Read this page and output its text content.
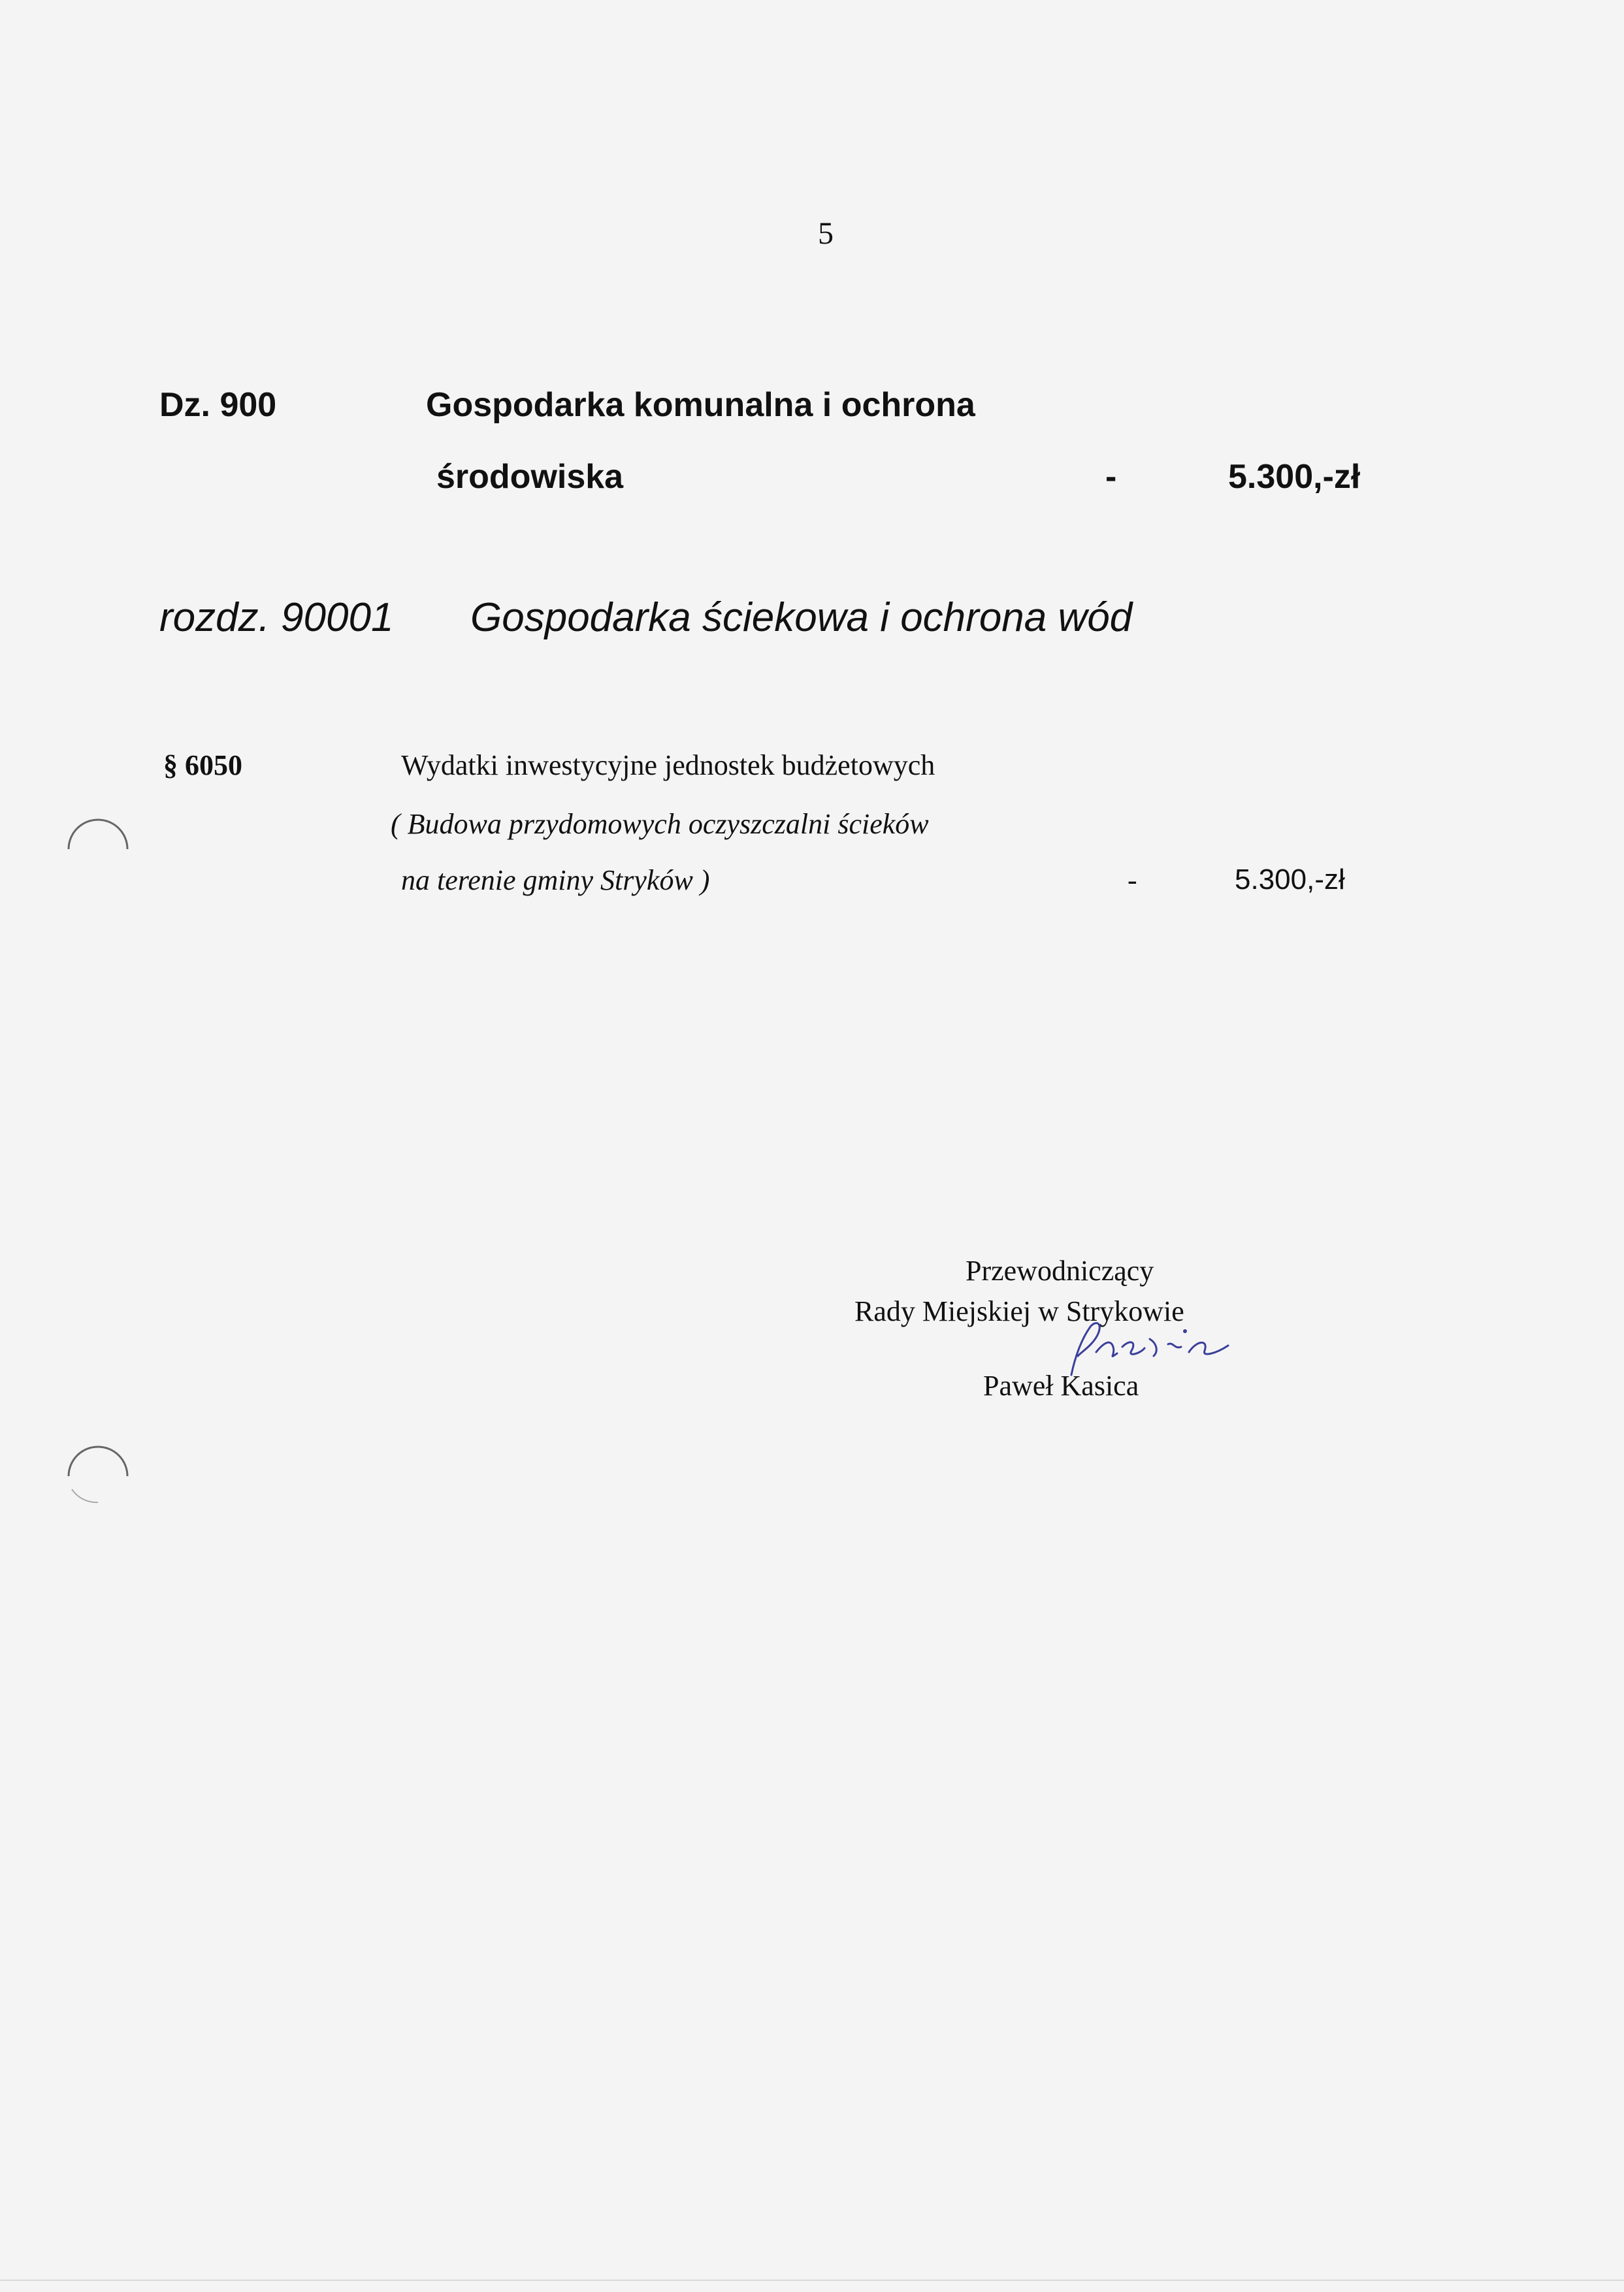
5
Dz. 900	Gospodarka komunalna i ochrona
środowiska	-	5.300,-zł
rozdz. 90001 Gospodarka ściekowa i ochrona wód
§ 6050	Wydatki inwestycyjne jednostek budżetowych
( Budowa przydomowych oczyszczalni ścieków
na terenie gminy Stryków )	-	5.300,-zł
Przewodniczący
Rady Miejskiej w Strykowie
Paweł Kasica
